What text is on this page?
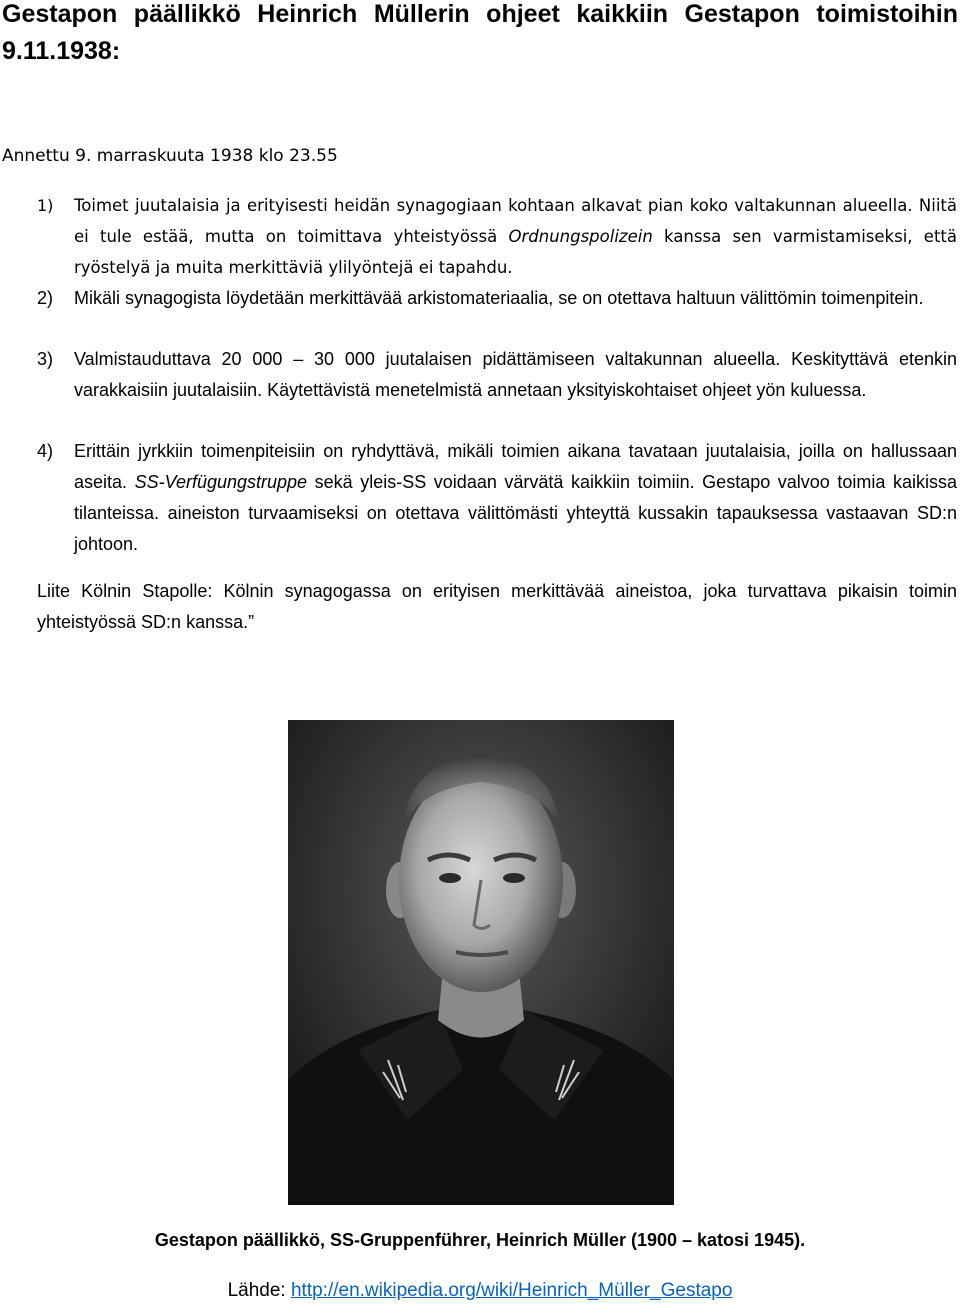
Gestapon päällikkö Heinrich Müllerin ohjeet kaikkiin Gestapon toimistoihin
9.11.1938:
Annettu 9. marraskuuta 1938 klo 23.55
1) Toimet juutalaisia ja erityisesti heidän synagogiaan kohtaan alkavat pian koko valtakunnan alueella. Niitä ei tule estää, mutta on toimittava yhteistyössä Ordnungspolizein kanssa sen varmistamiseksi, että ryöstelyä ja muita merkittäviä ylilyöntejä ei tapahdu.
2) Mikäli synagogista löydetään merkittävää arkistomateriaalia, se on otettava haltuun välittömin toimenpitein.
3) Valmistauduttava 20 000 – 30 000 juutalaisen pidättämiseen valtakunnan alueella. Keskityttävä etenkin varakkaisiin juutalaisiin. Käytettävistä menetelmistä annetaan yksityiskohtaiset ohjeet yön kuluessa.
4) Erittäin jyrkkiin toimenpiteisiin on ryhdyttävä, mikäli toimien aikana tavataan juutalaisia, joilla on hallussaan aseita. SS-Verfügungstruppe sekä yleis-SS voidaan värvätä kaikkiin toimiin. Gestapo valvoo toimia kaikissa tilanteissa. aineiston turvaamiseksi on otettava välittömästi yhteyttä kussakin tapauksessa vastaavan SD:n johtoon.
Liite Kölnin Stapolle: Kölnin synagogassa on erityisen merkittävää aineistoa, joka turvattava pikaisin toimin yhteistyössä SD:n kanssa.”
Gestapon päällikkö, SS-Gruppenführer, Heinrich Müller (1900 – katosi 1945).
Lähde: http://en.wikipedia.org/wiki/Heinrich_Müller_Gestapo
